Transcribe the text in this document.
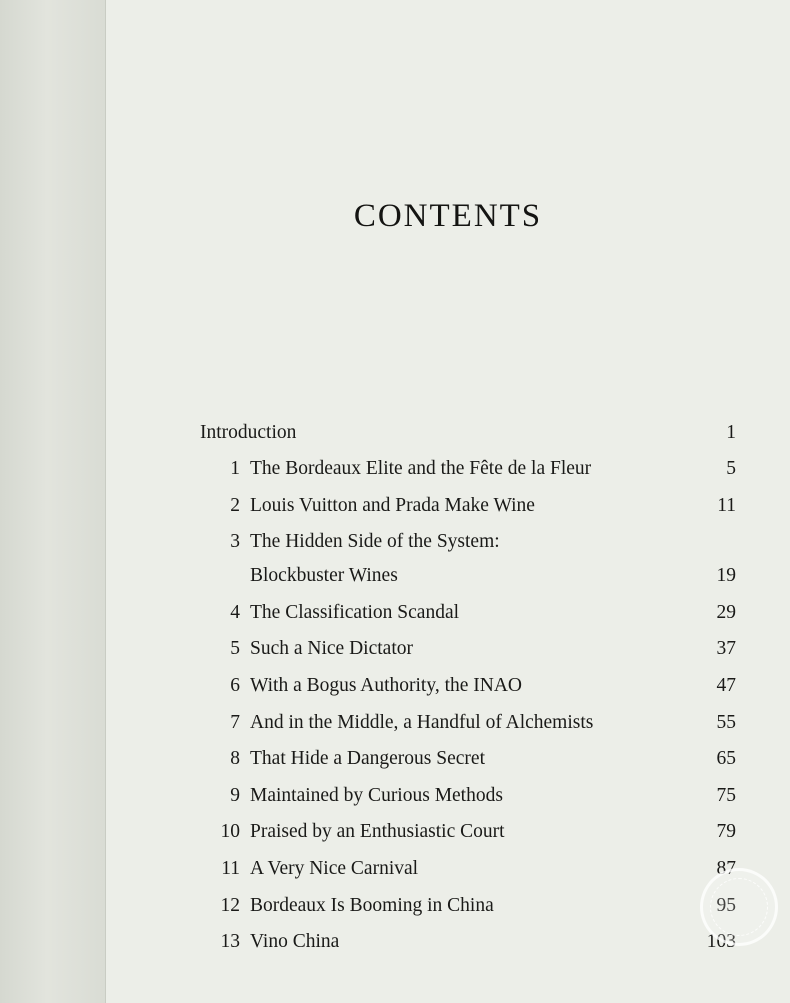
CONTENTS
Introduction	1
1 The Bordeaux Elite and the Fête de la Fleur	5
2 Louis Vuitton and Prada Make Wine	11
3 The Hidden Side of the System:
Blockbuster Wines	19
4 The Classification Scandal	29
5 Such a Nice Dictator	37
6 With a Bogus Authority, the INAO	47
7 And in the Middle, a Handful of Alchemists	55
8 That Hide a Dangerous Secret	65
9 Maintained by Curious Methods	75
10 Praised by an Enthusiastic Court	79
11 A Very Nice Carnival	87
12 Bordeaux Is Booming in China	95
13 Vino China	103
